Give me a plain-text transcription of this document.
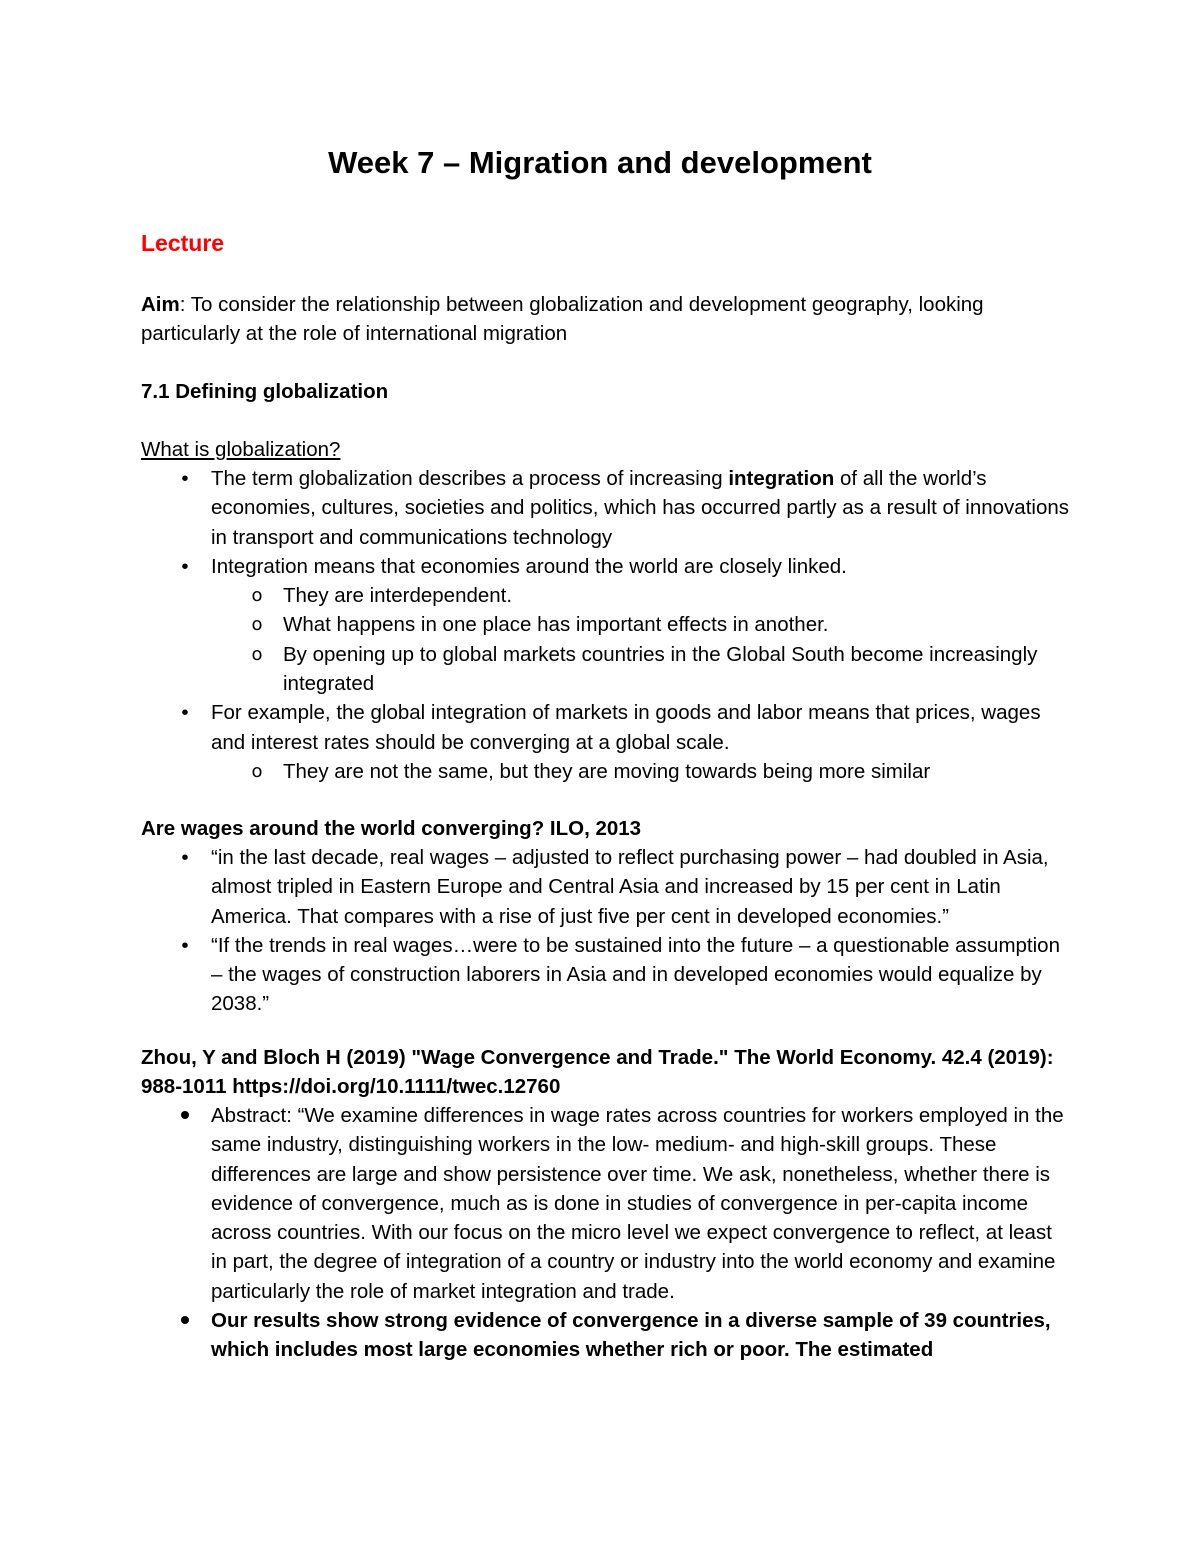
Week 7 – Migration and development
Lecture
Aim: To consider the relationship between globalization and development geography, looking particularly at the role of international migration
7.1 Defining globalization
What is globalization?
•	The term globalization describes a process of increasing integration of all the world’s economies, cultures, societies and politics, which has occurred partly as a result of innovations in transport and communications technology
•	Integration means that economies around the world are closely linked.
o They are interdependent.
o What happens in one place has important effects in another.
o By opening up to global markets countries in the Global South become increasingly integrated
•	For example, the global integration of markets in goods and labor means that prices, wages and interest rates should be converging at a global scale.
o They are not the same, but they are moving towards being more similar
Are wages around the world converging? ILO, 2013
•	“in the last decade, real wages – adjusted to reflect purchasing power – had doubled in Asia, almost tripled in Eastern Europe and Central Asia and increased by 15 per cent in Latin America. That compares with a rise of just five per cent in developed economies.”
•	“If the trends in real wages…were to be sustained into the future – a questionable assumption – the wages of construction laborers in Asia and in developed economies would equalize by 2038.”
Zhou, Y and Bloch H (2019) "Wage Convergence and Trade." The World Economy. 42.4 (2019): 988-1011 https://doi.org/10.1111/twec.12760
Abstract: “We examine differences in wage rates across countries for workers employed in the same industry, distinguishing workers in the low- medium- and high-skill groups. These differences are large and show persistence over time. We ask, nonetheless, whether there is evidence of convergence, much as is done in studies of convergence in per-capita income across countries. With our focus on the micro level we expect convergence to reflect, at least in part, the degree of integration of a country or industry into the world economy and examine particularly the role of market integration and trade.
Our results show strong evidence of convergence in a diverse sample of 39 countries, which includes most large economies whether rich or poor. The estimated
